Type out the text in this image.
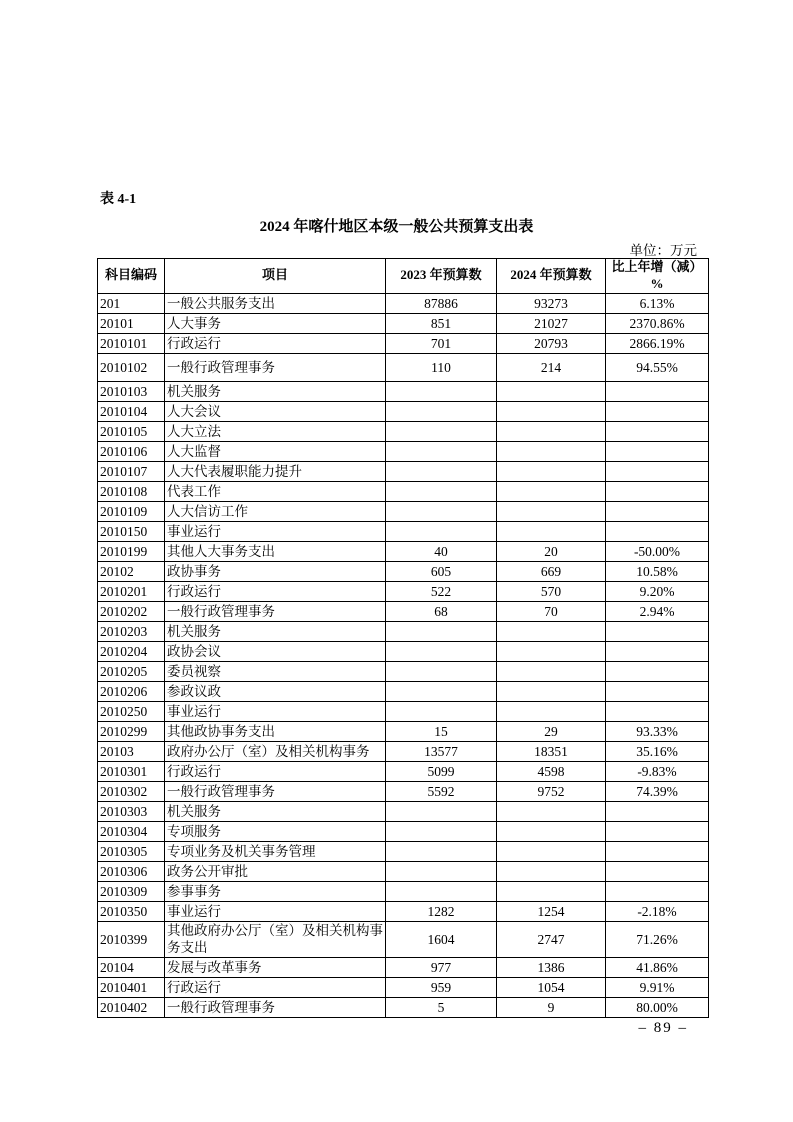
表 4-1
2024 年喀什地区本级一般公共预算支出表
单位：万元
科目编码	项目	2023 年预算数	2024 年预算数	比上年增（减）%
201	一般公共服务支出	87886	93273	6.13%
20101	人大事务	851	21027	2370.86%
2010101	行政运行	701	20793	2866.19%
2010102	一般行政管理事务	110	214	94.55%
2010103	机关服务			
2010104	人大会议			
2010105	人大立法			
2010106	人大监督			
2010107	人大代表履职能力提升			
2010108	代表工作			
2010109	人大信访工作			
2010150	事业运行			
2010199	其他人大事务支出	40	20	-50.00%
20102	政协事务	605	669	10.58%
2010201	行政运行	522	570	9.20%
2010202	一般行政管理事务	68	70	2.94%
2010203	机关服务			
2010204	政协会议			
2010205	委员视察			
2010206	参政议政			
2010250	事业运行			
2010299	其他政协事务支出	15	29	93.33%
20103	政府办公厅（室）及相关机构事务	13577	18351	35.16%
2010301	行政运行	5099	4598	-9.83%
2010302	一般行政管理事务	5592	9752	74.39%
2010303	机关服务			
2010304	专项服务			
2010305	专项业务及机关事务管理			
2010306	政务公开审批			
2010309	参事事务			
2010350	事业运行	1282	1254	-2.18%
2010399	其他政府办公厅（室）及相关机构事务支出	1604	2747	71.26%
20104	发展与改革事务	977	1386	41.86%
2010401	行政运行	959	1054	9.91%
2010402	一般行政管理事务	5	9	80.00%
– 89 –
